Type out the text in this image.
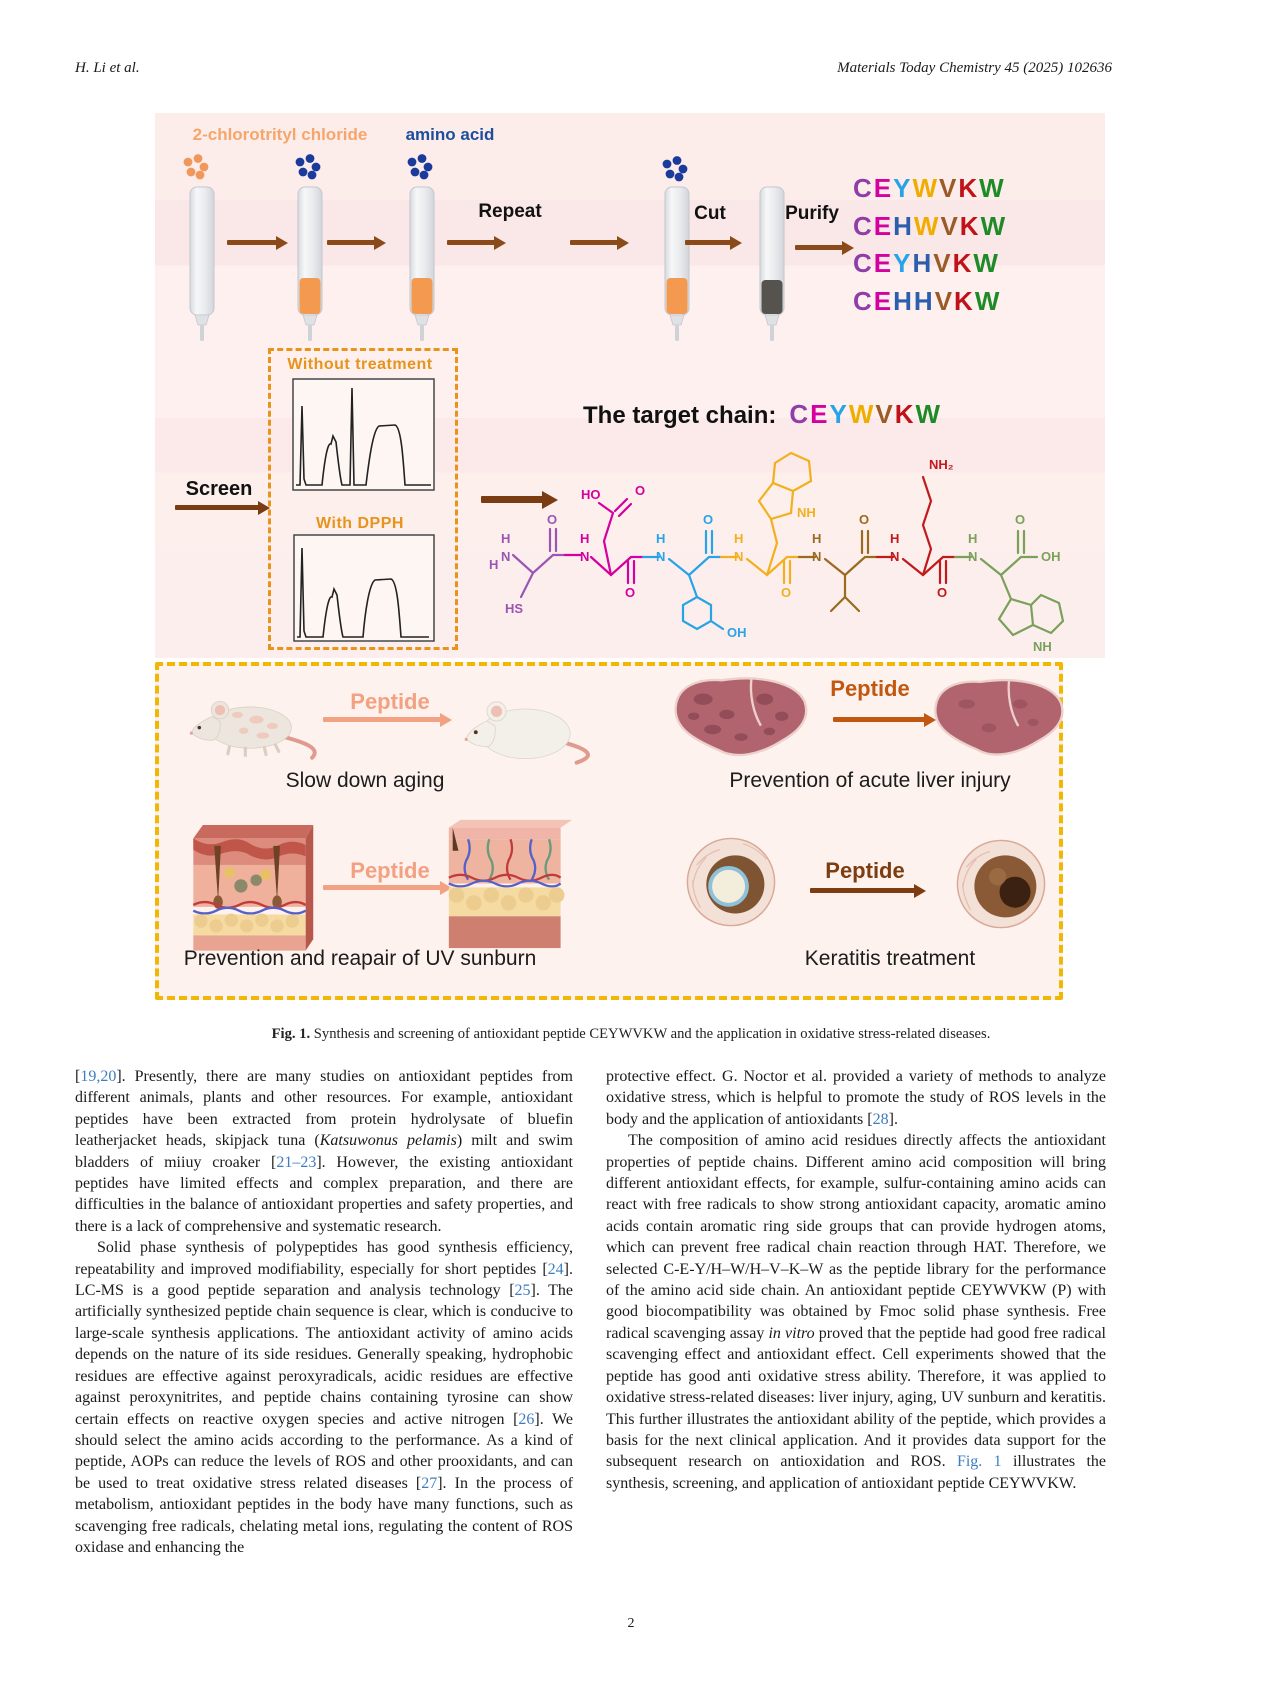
H. Li et al.	Materials Today Chemistry 45 (2025) 102636
2-chlorotrityl chloride	amino acid
Repeat	Cut	Purify
CEYWVKW
CEHWVKW
CEYHVKW
CEHHVKW
Without treatment
With DPPH
Screen
The target chain: CEYWVKW
H
N
H
O
HS
N
H
O
HO	O
N
H
O
OH
N
H
O
NH
N
H
O
N
H
O
NH₂
N
H
O
OH
NH
Peptide
Slow down aging
Peptide
Prevention of acute liver injury
Peptide
Prevention and reapair of UV sunburn
Peptide
Keratitis treatment
Fig. 1. Synthesis and screening of antioxidant peptide CEYWVKW and the application in oxidative stress-related diseases.
[19,20]. Presently, there are many studies on antioxidant peptides from different animals, plants and other resources. For example, antioxidant peptides have been extracted from protein hydrolysate of bluefin leatherjacket heads, skipjack tuna (Katsuwonus pelamis) milt and swim bladders of miiuy croaker [21–23]. However, the existing antioxidant peptides have limited effects and complex preparation, and there are difficulties in the balance of antioxidant properties and safety properties, and there is a lack of comprehensive and systematic research.
Solid phase synthesis of polypeptides has good synthesis efficiency, repeatability and improved modifiability, especially for short peptides [24]. LC-MS is a good peptide separation and analysis technology [25]. The artificially synthesized peptide chain sequence is clear, which is conducive to large-scale synthesis applications. The antioxidant activity of amino acids depends on the nature of its side residues. Generally speaking, hydrophobic residues are effective against peroxyradicals, acidic residues are effective against peroxynitrites, and peptide chains containing tyrosine can show certain effects on reactive oxygen species and active nitrogen [26]. We should select the amino acids according to the performance. As a kind of peptide, AOPs can reduce the levels of ROS and other prooxidants, and can be used to treat oxidative stress related diseases [27]. In the process of metabolism, antioxidant peptides in the body have many functions, such as scavenging free radicals, chelating metal ions, regulating the content of ROS oxidase and enhancing the
protective effect. G. Noctor et al. provided a variety of methods to analyze oxidative stress, which is helpful to promote the study of ROS levels in the body and the application of antioxidants [28].
The composition of amino acid residues directly affects the antioxidant properties of peptide chains. Different amino acid composition will bring different antioxidant effects, for example, sulfur-containing amino acids can react with free radicals to show strong antioxidant capacity, aromatic amino acids contain aromatic ring side groups that can provide hydrogen atoms, which can prevent free radical chain reaction through HAT. Therefore, we selected C-E-Y/H–W/H–V–K–W as the peptide library for the performance of the amino acid side chain. An antioxidant peptide CEYWVKW (P) with good biocompatibility was obtained by Fmoc solid phase synthesis. Free radical scavenging assay in vitro proved that the peptide had good free radical scavenging effect and antioxidant effect. Cell experiments showed that the peptide has good anti oxidative stress ability. Therefore, it was applied to oxidative stress-related diseases: liver injury, aging, UV sunburn and keratitis. This further illustrates the antioxidant ability of the peptide, which provides a basis for the next clinical application. And it provides data support for the subsequent research on antioxidation and ROS. Fig. 1 illustrates the synthesis, screening, and application of antioxidant peptide CEYWVKW.
2
